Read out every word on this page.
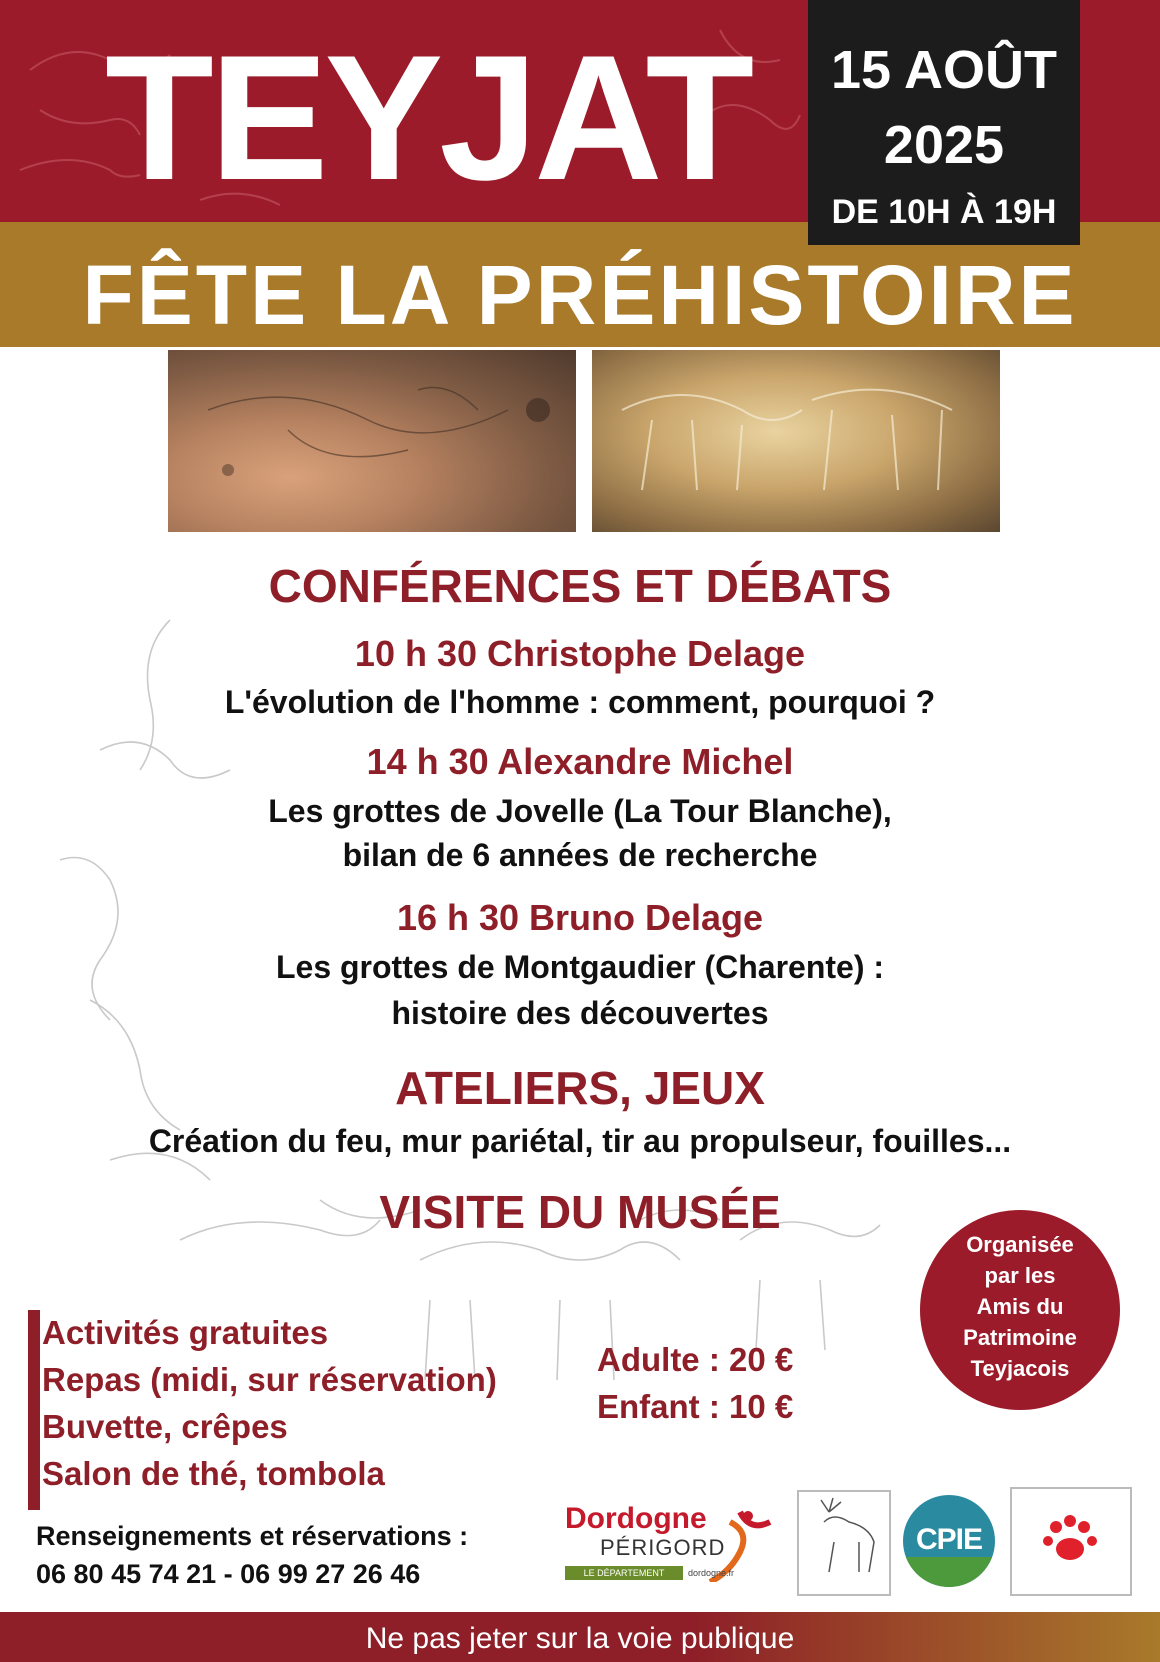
TEYJAT	15 AOÛT
2025
DE 10H À 19H
FÊTE LA PRÉHISTOIRE
CONFÉRENCES ET DÉBATS
10 h 30 Christophe Delage
L'évolution de l'homme : comment, pourquoi ?
14 h 30 Alexandre Michel
Les grottes de Jovelle (La Tour Blanche),
bilan de 6 années de recherche
16 h 30 Bruno Delage
Les grottes de Montgaudier (Charente) :
histoire des découvertes
ATELIERS, JEUX
Création du feu, mur pariétal, tir au propulseur, fouilles...
VISITE DU MUSÉE
Organisée
par les
Amis du
Patrimoine
Teyjacois
Activités gratuites
Repas (midi, sur réservation)
Buvette, crêpes
Salon de thé, tombola
Adulte : 20 €
Enfant : 10 €
Renseignements et réservations :
06 80 45 74 21 - 06 99 27 26 46
Dordogne
PÉRIGORD
LE DÉPARTEMENT	dordogne.fr
CPIE
Ne pas jeter sur la voie publique
